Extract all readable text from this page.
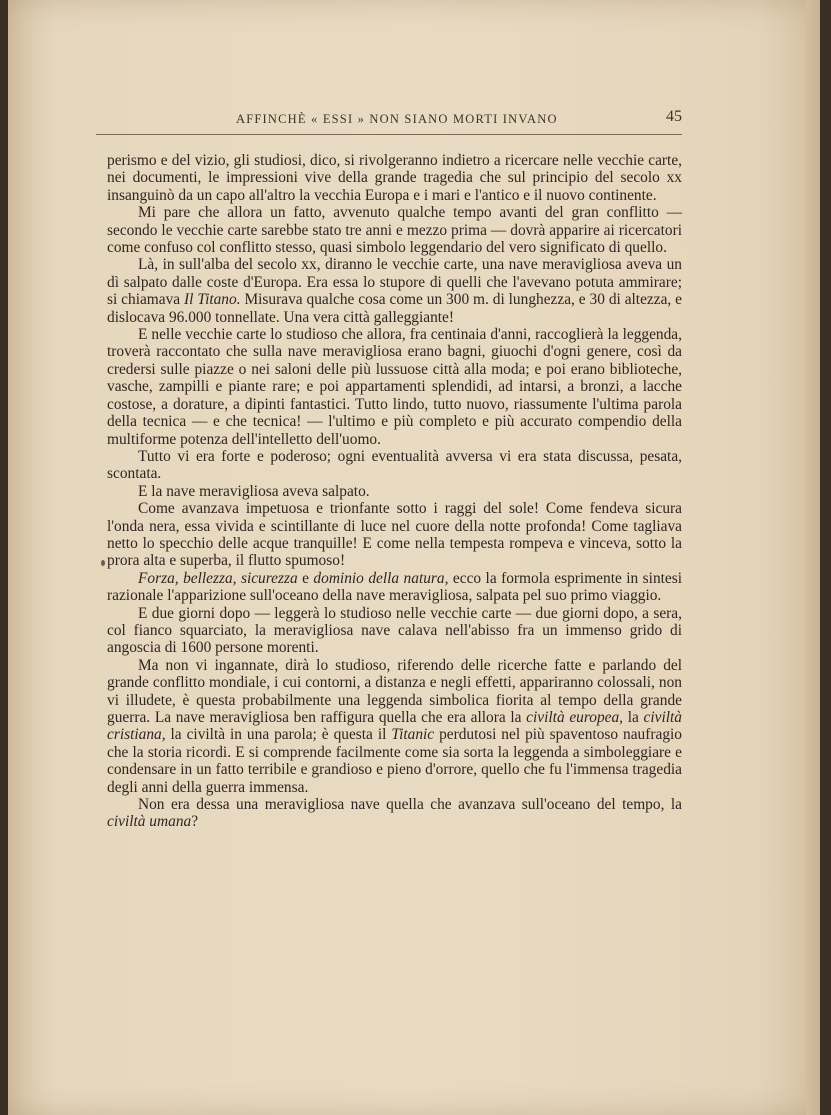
AFFINCHÈ « ESSI » NON SIANO MORTI INVANO	45

perismo e del vizio, gli studiosi, dico, si rivolgeranno indietro a ricercare nelle vecchie carte, nei documenti, le impressioni vive della grande tragedia che sul principio del secolo xx insanguinò da un capo all'altro la vecchia Europa e i mari e l'antico e il nuovo continente.

Mi pare che allora un fatto, avvenuto qualche tempo avanti del gran conflitto — secondo le vecchie carte sarebbe stato tre anni e mezzo prima — dovrà apparire ai ricercatori come confuso col conflitto stesso, quasi simbolo leggendario del vero significato di quello.

Là, in sull'alba del secolo xx, diranno le vecchie carte, una nave meravigliosa aveva un dì salpato dalle coste d'Europa. Era essa lo stupore di quelli che l'avevano potuta ammirare; si chiamava Il Titano. Misurava qualche cosa come un 300 m. di lunghezza, e 30 di altezza, e dislocava 96.000 tonnellate. Una vera città galleggiante!

E nelle vecchie carte lo studioso che allora, fra centinaia d'anni, raccoglierà la leggenda, troverà raccontato che sulla nave meravigliosa erano bagni, giuochi d'ogni genere, così da credersi sulle piazze o nei saloni delle più lussuose città alla moda; e poi erano biblioteche, vasche, zampilli e piante rare; e poi appartamenti splendidi, ad intarsi, a bronzi, a lacche costose, a dorature, a dipinti fantastici. Tutto lindo, tutto nuovo, riassumente l'ultima parola della tecnica — e che tecnica! — l'ultimo e più completo e più accurato compendio della multiforme potenza dell'intelletto dell'uomo.

Tutto vi era forte e poderoso; ogni eventualità avversa vi era stata discussa, pesata, scontata.

E la nave meravigliosa aveva salpato.

Come avanzava impetuosa e trionfante sotto i raggi del sole! Come fendeva sicura l'onda nera, essa vivida e scintillante di luce nel cuore della notte profonda! Come tagliava netto lo specchio delle acque tranquille! E come nella tempesta rompeva e vinceva, sotto la prora alta e superba, il flutto spumoso!

Forza, bellezza, sicurezza e dominio della natura, ecco la formola esprimente in sintesi razionale l'apparizione sull'oceano della nave meravigliosa, salpata pel suo primo viaggio.

E due giorni dopo — leggerà lo studioso nelle vecchie carte — due giorni dopo, a sera, col fianco squarciato, la meravigliosa nave calava nell'abisso fra un immenso grido di angoscia di 1600 persone morenti.

Ma non vi ingannate, dirà lo studioso, riferendo delle ricerche fatte e parlando del grande conflitto mondiale, i cui contorni, a distanza e negli effetti, appariranno colossali, non vi illudete, è questa probabilmente una leggenda simbolica fiorita al tempo della grande guerra. La nave meravigliosa ben raffigura quella che era allora la civiltà europea, la civiltà cristiana, la civiltà in una parola; è questa il Titanic perdutosi nel più spaventoso naufragio che la storia ricordi. E si comprende facilmente come sia sorta la leggenda a simboleggiare e condensare in un fatto terribile e grandioso e pieno d'orrore, quello che fu l'immensa tragedia degli anni della guerra immensa.

Non era dessa una meravigliosa nave quella che avanzava sull'oceano del tempo, la civiltà umana?
